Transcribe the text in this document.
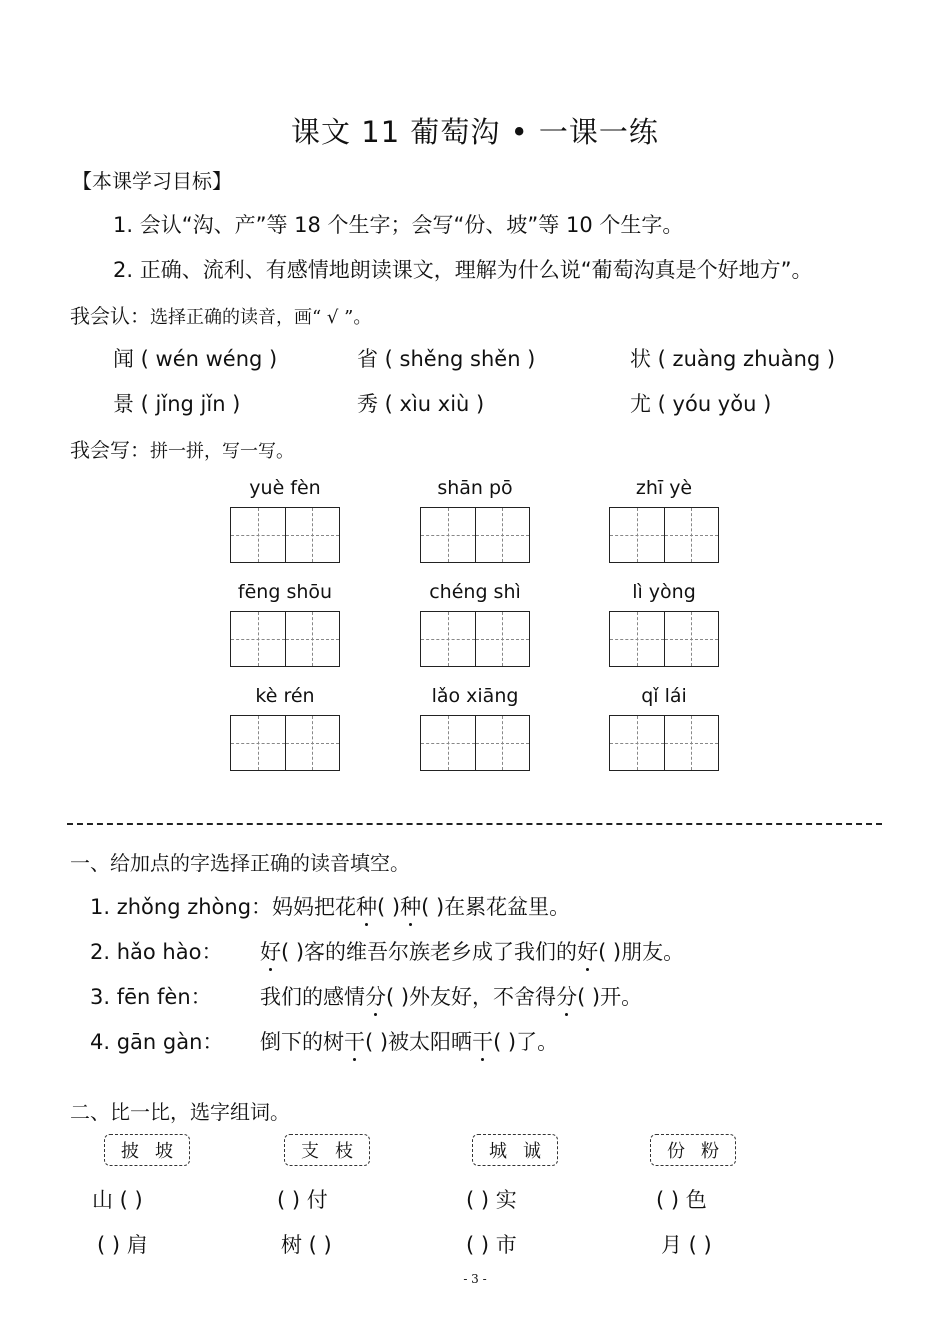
课文 11 葡萄沟 • 一课一练
【本课学习目标】
1. 会认“沟、产”等 18 个生字；会写“份、坡”等 10 个生字。
2. 正确、流利、有感情地朗读课文，理解为什么说“葡萄沟真是个好地方”。
我会认：选择正确的读音，画“ √ ”。
闻 ( wén wéng )	省 ( shěng shěn )	状 ( zuàng zhuàng )
景 ( jǐng jǐn )	秀 ( xìu xiù )	尤 ( yóu yǒu )
我会写：拼一拼，写一写。
yuè fèn	shān pō	zhī yè
fēng shōu	chéng shì	lì yòng
kè rén	lǎo xiāng	qǐ lái
一、给加点的字选择正确的读音填空。
1. zhǒng zhòng：妈妈把花种( )种( )在累花盆里。
2. hǎo hào： 好( )客的维吾尔族老乡成了我们的好( )朋友。
3. fēn fèn： 我们的感情分( )外友好，不舍得分( )开。
4. gān gàn： 倒下的树干( )被太阳晒干( )了。
二、比一比，选字组词。
披 坡	支 枝	城 诚	份 粉
山 ( )	( ) 付	( ) 实	( ) 色
( ) 肩	树 ( )	( ) 市	月 ( )
- 3 -
